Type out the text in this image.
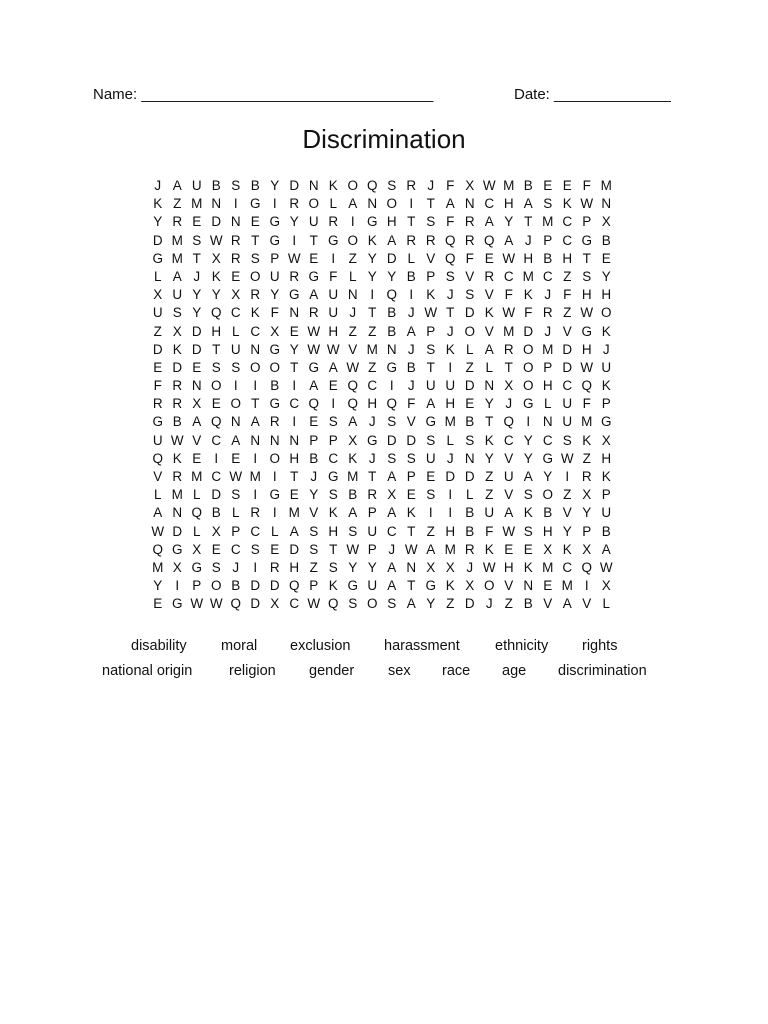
Name: ___________________________________	Date: ______________
Discrimination
J A U B S B Y D N K O Q S R J F X W M B E E F M
K Z M N I G I R O L A N O I	T A N C H A S K W N
Y R E D N E G Y U R I G H T S F R A Y T M C P X
D M S W R T G I	T G O K A R R Q R Q A J P C G B
G M T X R S P W E I	Z Y D L V Q F E W H B H T E
L A J K E O U R G F L Y Y B P S V R C M C Z S Y
X U Y Y X R Y G A U N I Q I K J S V F K J F H H
U S Y Q C K F N R U J T B J W T D K W F R Z W O
Z X D H L C X E W H Z Z B A P J O V M D J V G K
D K D T U N G Y W W V M N J S K L A R O M D H J
E D E S S O O T G A W Z G B T I	Z L T O P D W U
F R N O I	I B I A E Q C I	J U U D N X O H C Q K
R R X E O T G C Q I Q H Q F A H E Y J G L U F P
G B A Q N A R I E S A J S V G M B T Q I N U M G
U W V C A N N N P P X G D D S L S K C Y C S K X
Q K E I E I O H B C K J S S U J N Y V Y G W Z H
V R M C W M I	T J G M T A P E D D Z U A Y I R K
L M L D S I G E Y S B R X E S I	L Z V S O Z X P
A N Q B L R I M V K A P A K I	I B U A K B V Y U
W D L X P C L A S H S U C T Z H B F W S H Y P B
Q G X E C S E D S T W P J W A M R K E E X K X A
M X G S J	I R H Z S Y Y A N X X J W H K M C Q W
Y I P O B D D Q P K G U A T G K X O V N E M I X
E G W W Q D X C W Q S O S A Y Z D J Z B V A V L
disability moral exclusion harassment ethnicity rights
national origin	religion gender sex race age discrimination
